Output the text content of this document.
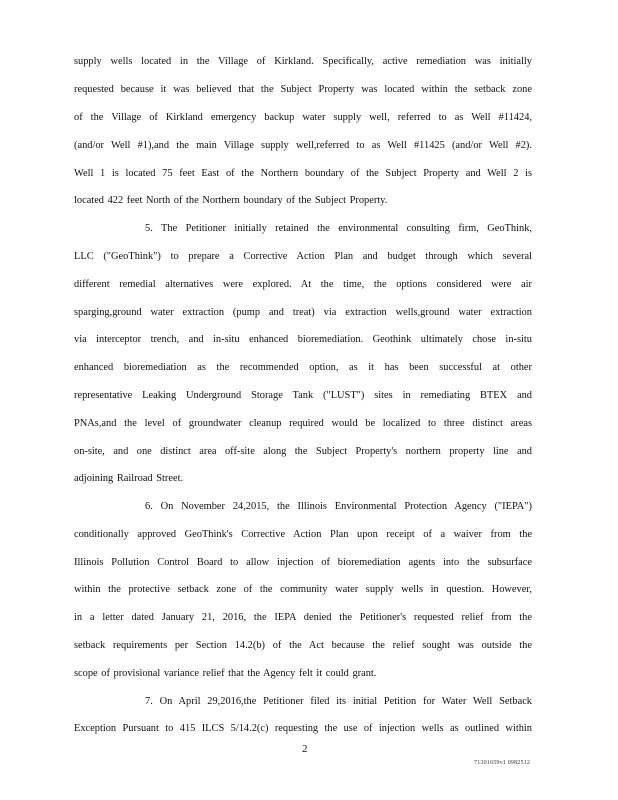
supply wells located in the Village of Kirkland. Specifically, active remediation was initially
requested because it was believed that the Subject Property was located within the setback zone
of the Village of Kirkland emergency backup water supply well, referred to as Well #11424,
(and/or Well #1),and the main Village supply well,referred to as Well #11425 (and/or Well #2).
Well 1 is located 75 feet East of the Northern boundary of the Subject Property and Well 2 is
located 422 feet North of the Northern boundary of the Subject Property.
5. The Petitioner initially retained the environmental consulting firm, GeoThink,
LLC ("GeoThink") to prepare a Corrective Action Plan and budget through which several
different remedial alternatives were explored. At the time, the options considered were air
sparging,ground water extraction (pump and treat) via extraction wells,ground water extraction
via interceptor trench, and in-situ enhanced bioremediation. Geothink ultimately chose in-situ
enhanced bioremediation as the recommended option, as it has been successful at other
representative Leaking Underground Storage Tank ("LUST") sites in remediating BTEX and
PNAs,and the level of groundwater cleanup required would be localized to three distinct areas
on-site, and one distinct area off-site along the Subject Property's northern property line and
adjoining Railroad Street.
6. On November 24,2015, the Illinois Environmental Protection Agency ("IEPA")
conditionally approved GeoThink's Corrective Action Plan upon receipt of a waiver from the
Illinois Pollution Control Board to allow injection of bioremediation agents into the subsurface
within the protective setback zone of the community water supply wells in question. However,
in a letter dated January 21, 2016, the IEPA denied the Petitioner's requested relief from the
setback requirements per Section 14.2(b) of the Act because the relief sought was outside the
scope of provisional variance relief that the Agency felt it could grant.
7. On April 29,2016,the Petitioner filed its initial Petition for Water Well Setback
Exception Pursuant to 415 ILCS 5/14.2(c) requesting the use of injection wells as outlined within
2
71301659v1 0982512
